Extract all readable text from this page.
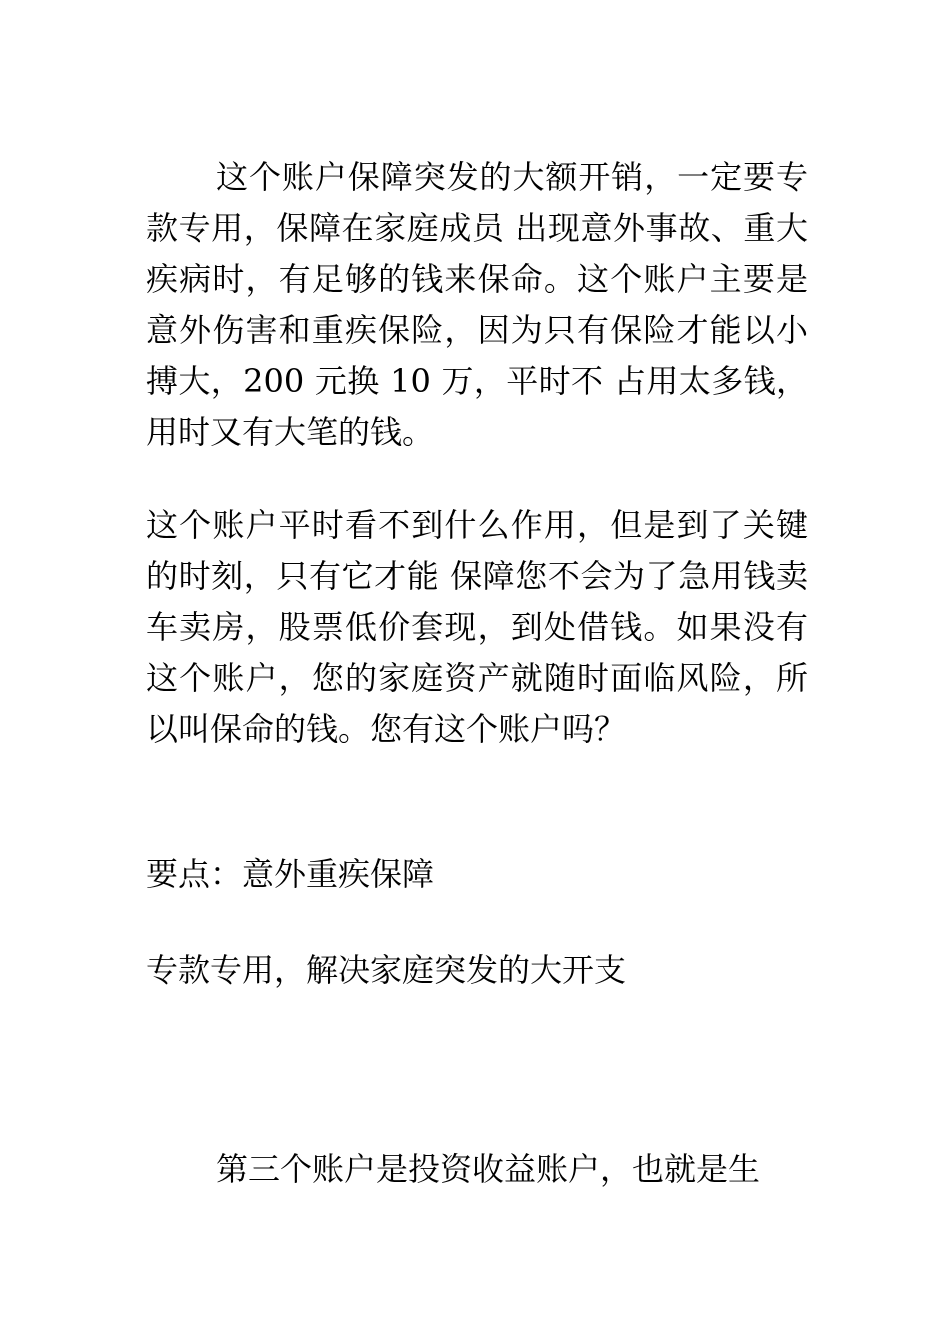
这个账户保障突发的大额开销，一定要专款专用，保障在家庭成员 出现意外事故、重大疾病时，有足够的钱来保命。这个账户主要是意外伤害和重疾保险，因为只有保险才能以小搏大，200 元换 10 万，平时不 占用太多钱，用时又有大笔的钱。

这个账户平时看不到什么作用，但是到了关键的时刻，只有它才能 保障您不会为了急用钱卖车卖房，股票低价套现，到处借钱。如果没有这个账户，您的家庭资产就随时面临风险，所以叫保命的钱。您有这个账户吗？

要点：意外重疾保障

专款专用，解决家庭突发的大开支

第三个账户是投资收益账户，也就是生
